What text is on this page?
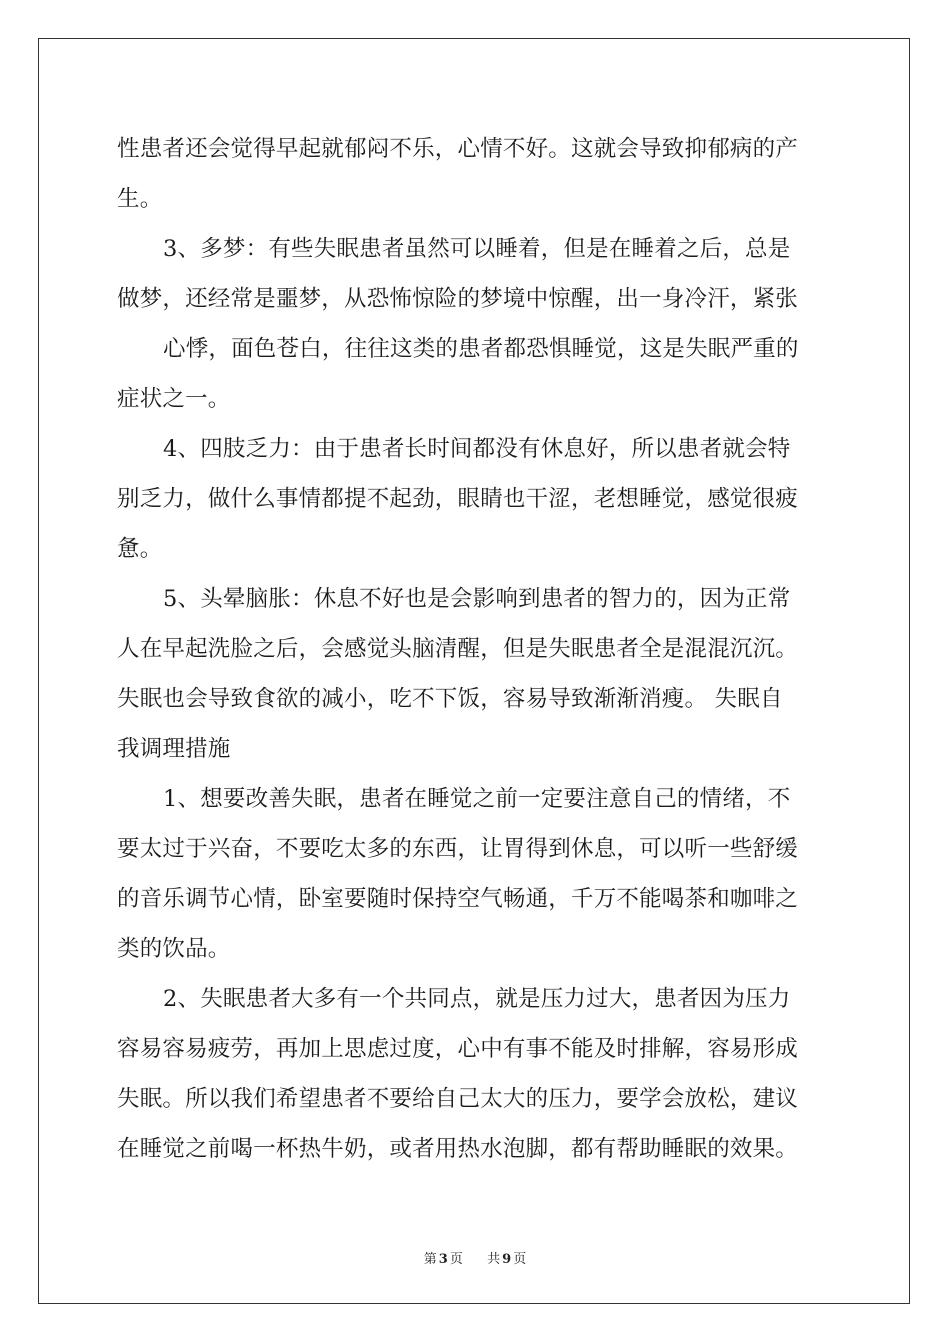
性患者还会觉得早起就郁闷不乐，心情不好。这就会导致抑郁病的产
生。
3、多梦：有些失眠患者虽然可以睡着，但是在睡着之后，总是
做梦，还经常是噩梦，从恐怖惊险的梦境中惊醒，出一身冷汗，紧张
心悸，面色苍白，往往这类的患者都恐惧睡觉，这是失眠严重的
症状之一。
4、四肢乏力：由于患者长时间都没有休息好，所以患者就会特
别乏力，做什么事情都提不起劲，眼睛也干涩，老想睡觉，感觉很疲
惫。
5、头晕脑胀：休息不好也是会影响到患者的智力的，因为正常
人在早起洗脸之后，会感觉头脑清醒，但是失眠患者全是混混沉沉。
失眠也会导致食欲的减小，吃不下饭，容易导致渐渐消瘦。 失眠自
我调理措施
1、想要改善失眠，患者在睡觉之前一定要注意自己的情绪，不
要太过于兴奋，不要吃太多的东西，让胃得到休息，可以听一些舒缓
的音乐调节心情，卧室要随时保持空气畅通，千万不能喝茶和咖啡之
类的饮品。
2、失眠患者大多有一个共同点，就是压力过大，患者因为压力
容易容易疲劳，再加上思虑过度，心中有事不能及时排解，容易形成
失眠。所以我们希望患者不要给自己太大的压力，要学会放松，建议
在睡觉之前喝一杯热牛奶，或者用热水泡脚，都有帮助睡眠的效果。
第 3 页 共 9 页
